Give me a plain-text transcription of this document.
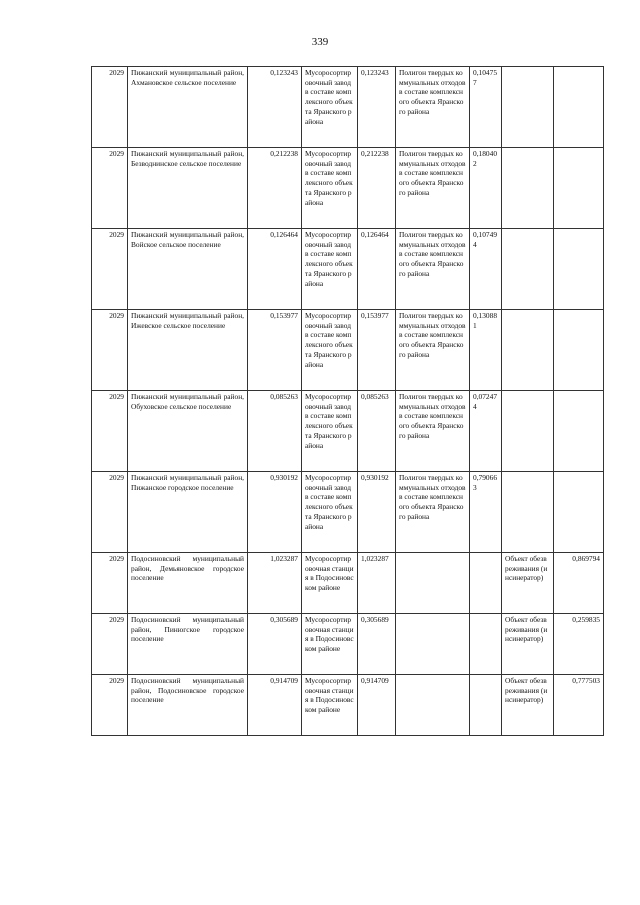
339
2029	Пижанский муниципальный район, Ахмановское сельское поселение	0,123243	Мусоросортировочный завод в составе комплексного объекта Яранского района	0,123243	Полигон твердых коммунальных отходов в составе комплексного объекта Яранского района	0,104757		
2029	Пижанский муниципальный район, Безводнинское сельское поселение	0,212238	Мусоросортировочный завод в составе комплексного объекта Яранского района	0,212238	Полигон твердых коммунальных отходов в составе комплексного объекта Яранского района	0,180402		
2029	Пижанский муниципальный район, Войское сельское поселение	0,126464	Мусоросортировочный завод в составе комплексного объекта Яранского района	0,126464	Полигон твердых коммунальных отходов в составе комплексного объекта Яранского района	0,107494		
2029	Пижанский муниципальный район, Ижевское сельское поселение	0,153977	Мусоросортировочный завод в составе комплексного объекта Яранского района	0,153977	Полигон твердых коммунальных отходов в составе комплексного объекта Яранского района	0,130881		
2029	Пижанский муниципальный район, Обуховское сельское поселение	0,085263	Мусоросортировочный завод в составе комплексного объекта Яранского района	0,085263	Полигон твердых коммунальных отходов в составе комплексного объекта Яранского района	0,072474		
2029	Пижанский муниципальный район, Пижанское городское поселение	0,930192	Мусоросортировочный завод в составе комплексного объекта Яранского района	0,930192	Полигон твердых коммунальных отходов в составе комплексного объекта Яранского района	0,790663		
2029	Подосиновский муниципальный район, Демьяновское городское поселение	1,023287	Мусоросортировочная станция в Подосиновском районе	1,023287			Объект обезвреживания (инсинератор)	0,869794
2029	Подосиновский муниципальный район, Пинюгское городское поселение	0,305689	Мусоросортировочная станция в Подосиновском районе	0,305689			Объект обезвреживания (инсинератор)	0,259835
2029	Подосиновский муниципальный район, Подосиновское городское поселение	0,914709	Мусоросортировочная станция в Подосиновском районе	0,914709			Объект обезвреживания (инсинератор)	0,777503
